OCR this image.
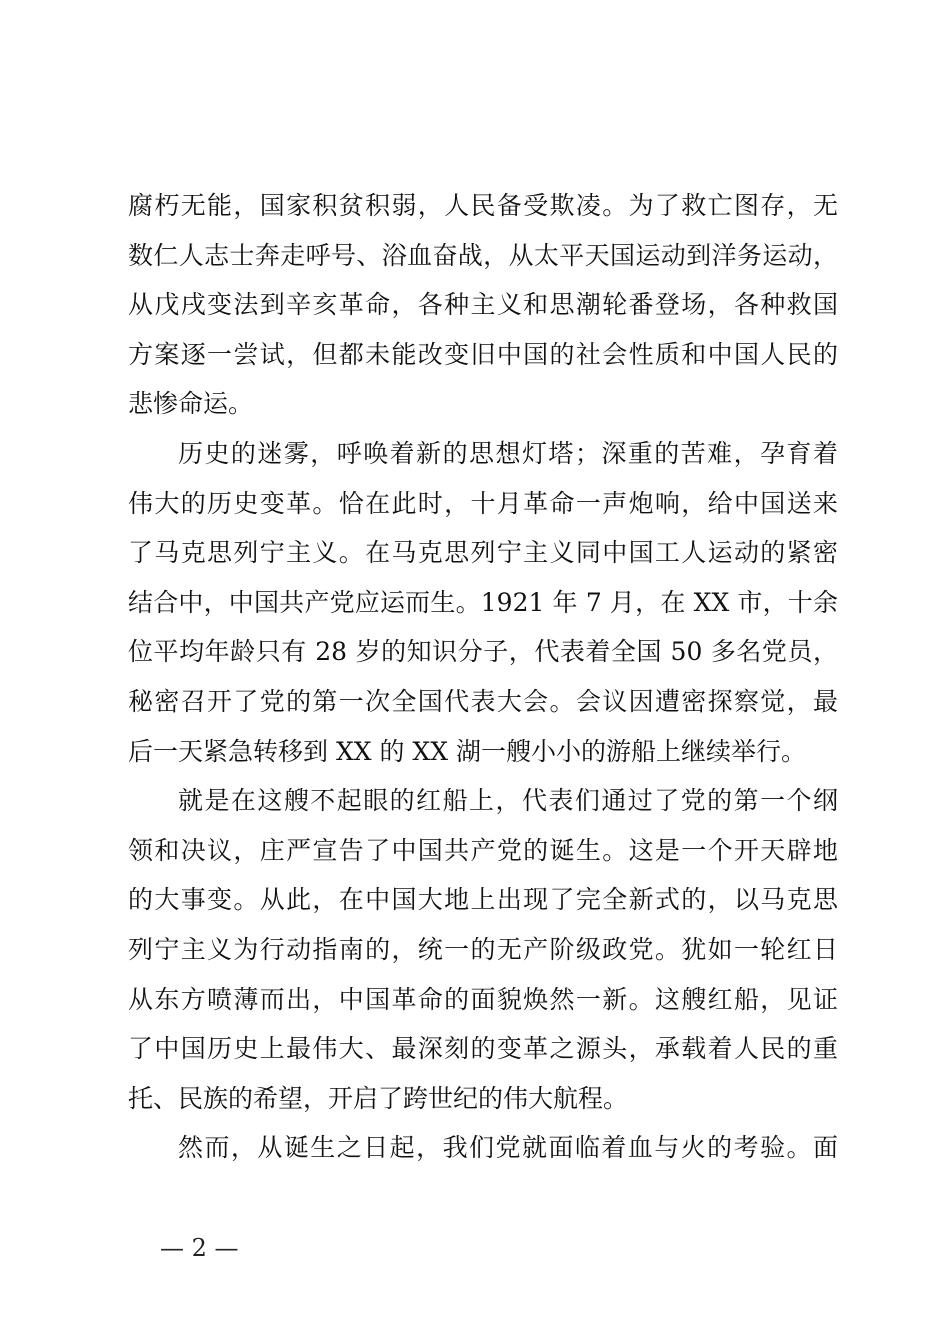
腐朽无能，国家积贫积弱，人民备受欺凌。为了救亡图存，无
数仁人志士奔走呼号、浴血奋战，从太平天国运动到洋务运动，
从戊戌变法到辛亥革命，各种主义和思潮轮番登场，各种救国
方案逐一尝试，但都未能改变旧中国的社会性质和中国人民的
悲惨命运。
历史的迷雾，呼唤着新的思想灯塔；深重的苦难，孕育着
伟大的历史变革。恰在此时，十月革命一声炮响，给中国送来
了马克思列宁主义。在马克思列宁主义同中国工人运动的紧密
结合中，中国共产党应运而生。1921 年 7 月，在 XX 市，十余
位平均年龄只有 28 岁的知识分子，代表着全国 50 多名党员，
秘密召开了党的第一次全国代表大会。会议因遭密探察觉，最
后一天紧急转移到 XX 的 XX 湖一艘小小的游船上继续举行。
就是在这艘不起眼的红船上，代表们通过了党的第一个纲
领和决议，庄严宣告了中国共产党的诞生。这是一个开天辟地
的大事变。从此，在中国大地上出现了完全新式的，以马克思
列宁主义为行动指南的，统一的无产阶级政党。犹如一轮红日
从东方喷薄而出，中国革命的面貌焕然一新。这艘红船，见证
了中国历史上最伟大、最深刻的变革之源头，承载着人民的重
托、民族的希望，开启了跨世纪的伟大航程。
然而，从诞生之日起，我们党就面临着血与火的考验。面
— 2 —
